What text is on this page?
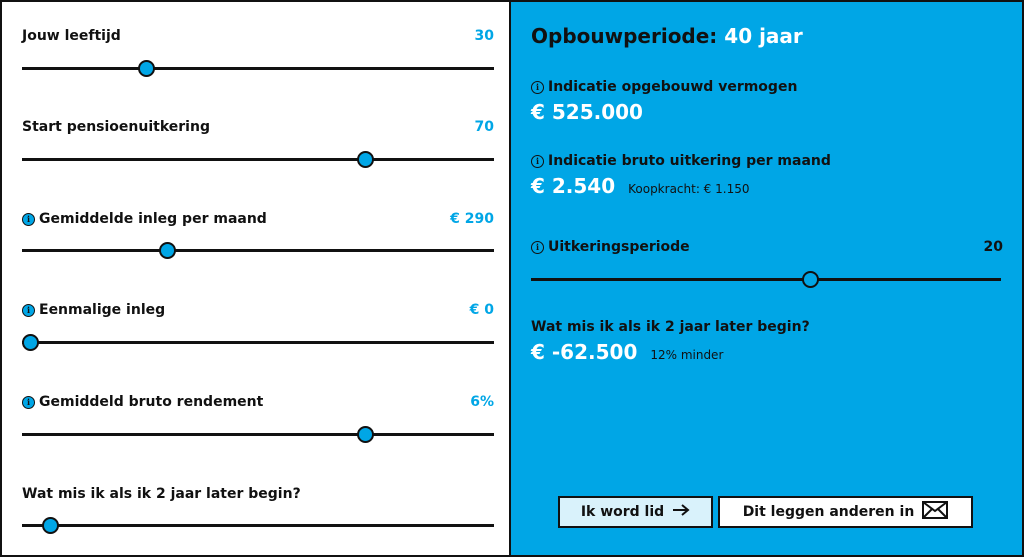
Jouw leeftijd	30
Start pensioenuitkering	70
i Gemiddelde inleg per maand	€ 290
i Eenmalige inleg	€ 0
i Gemiddeld bruto rendement	6%
Wat mis ik als ik 2 jaar later begin?
Opbouwperiode: 40 jaar
i Indicatie opgebouwd vermogen
€ 525.000
i Indicatie bruto uitkering per maand
€ 2.540 Koopkracht: € 1.150
i Uitkeringsperiode	20
Wat mis ik als ik 2 jaar later begin?
€ -62.500 12% minder
Ik word lid	Dit leggen anderen in
